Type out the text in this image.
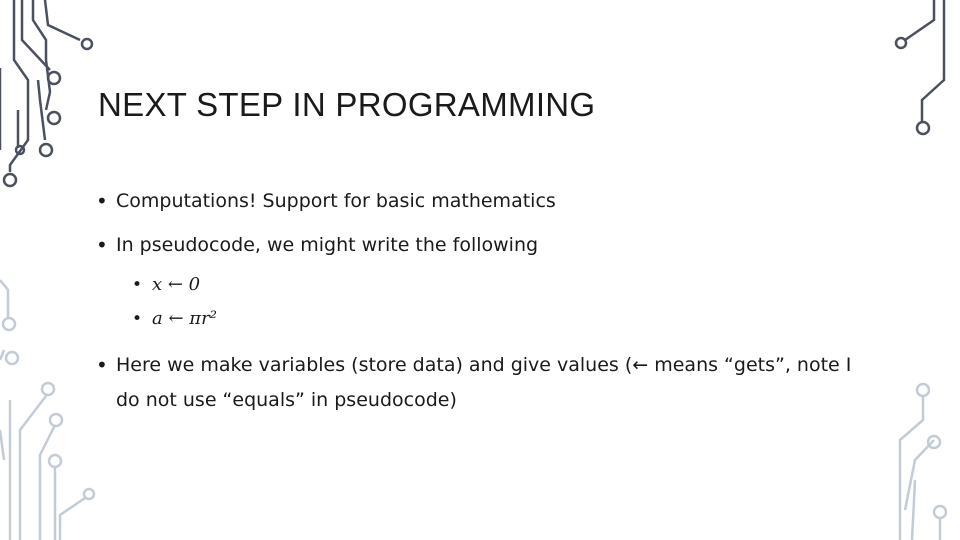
NEXT STEP IN PROGRAMMING
• Computations! Support for basic mathematics
• In pseudocode, we might write the following
• x ← 0
• a ← πr²
• Here we make variables (store data) and give values (← means “gets”, note I do not use “equals” in pseudocode)
